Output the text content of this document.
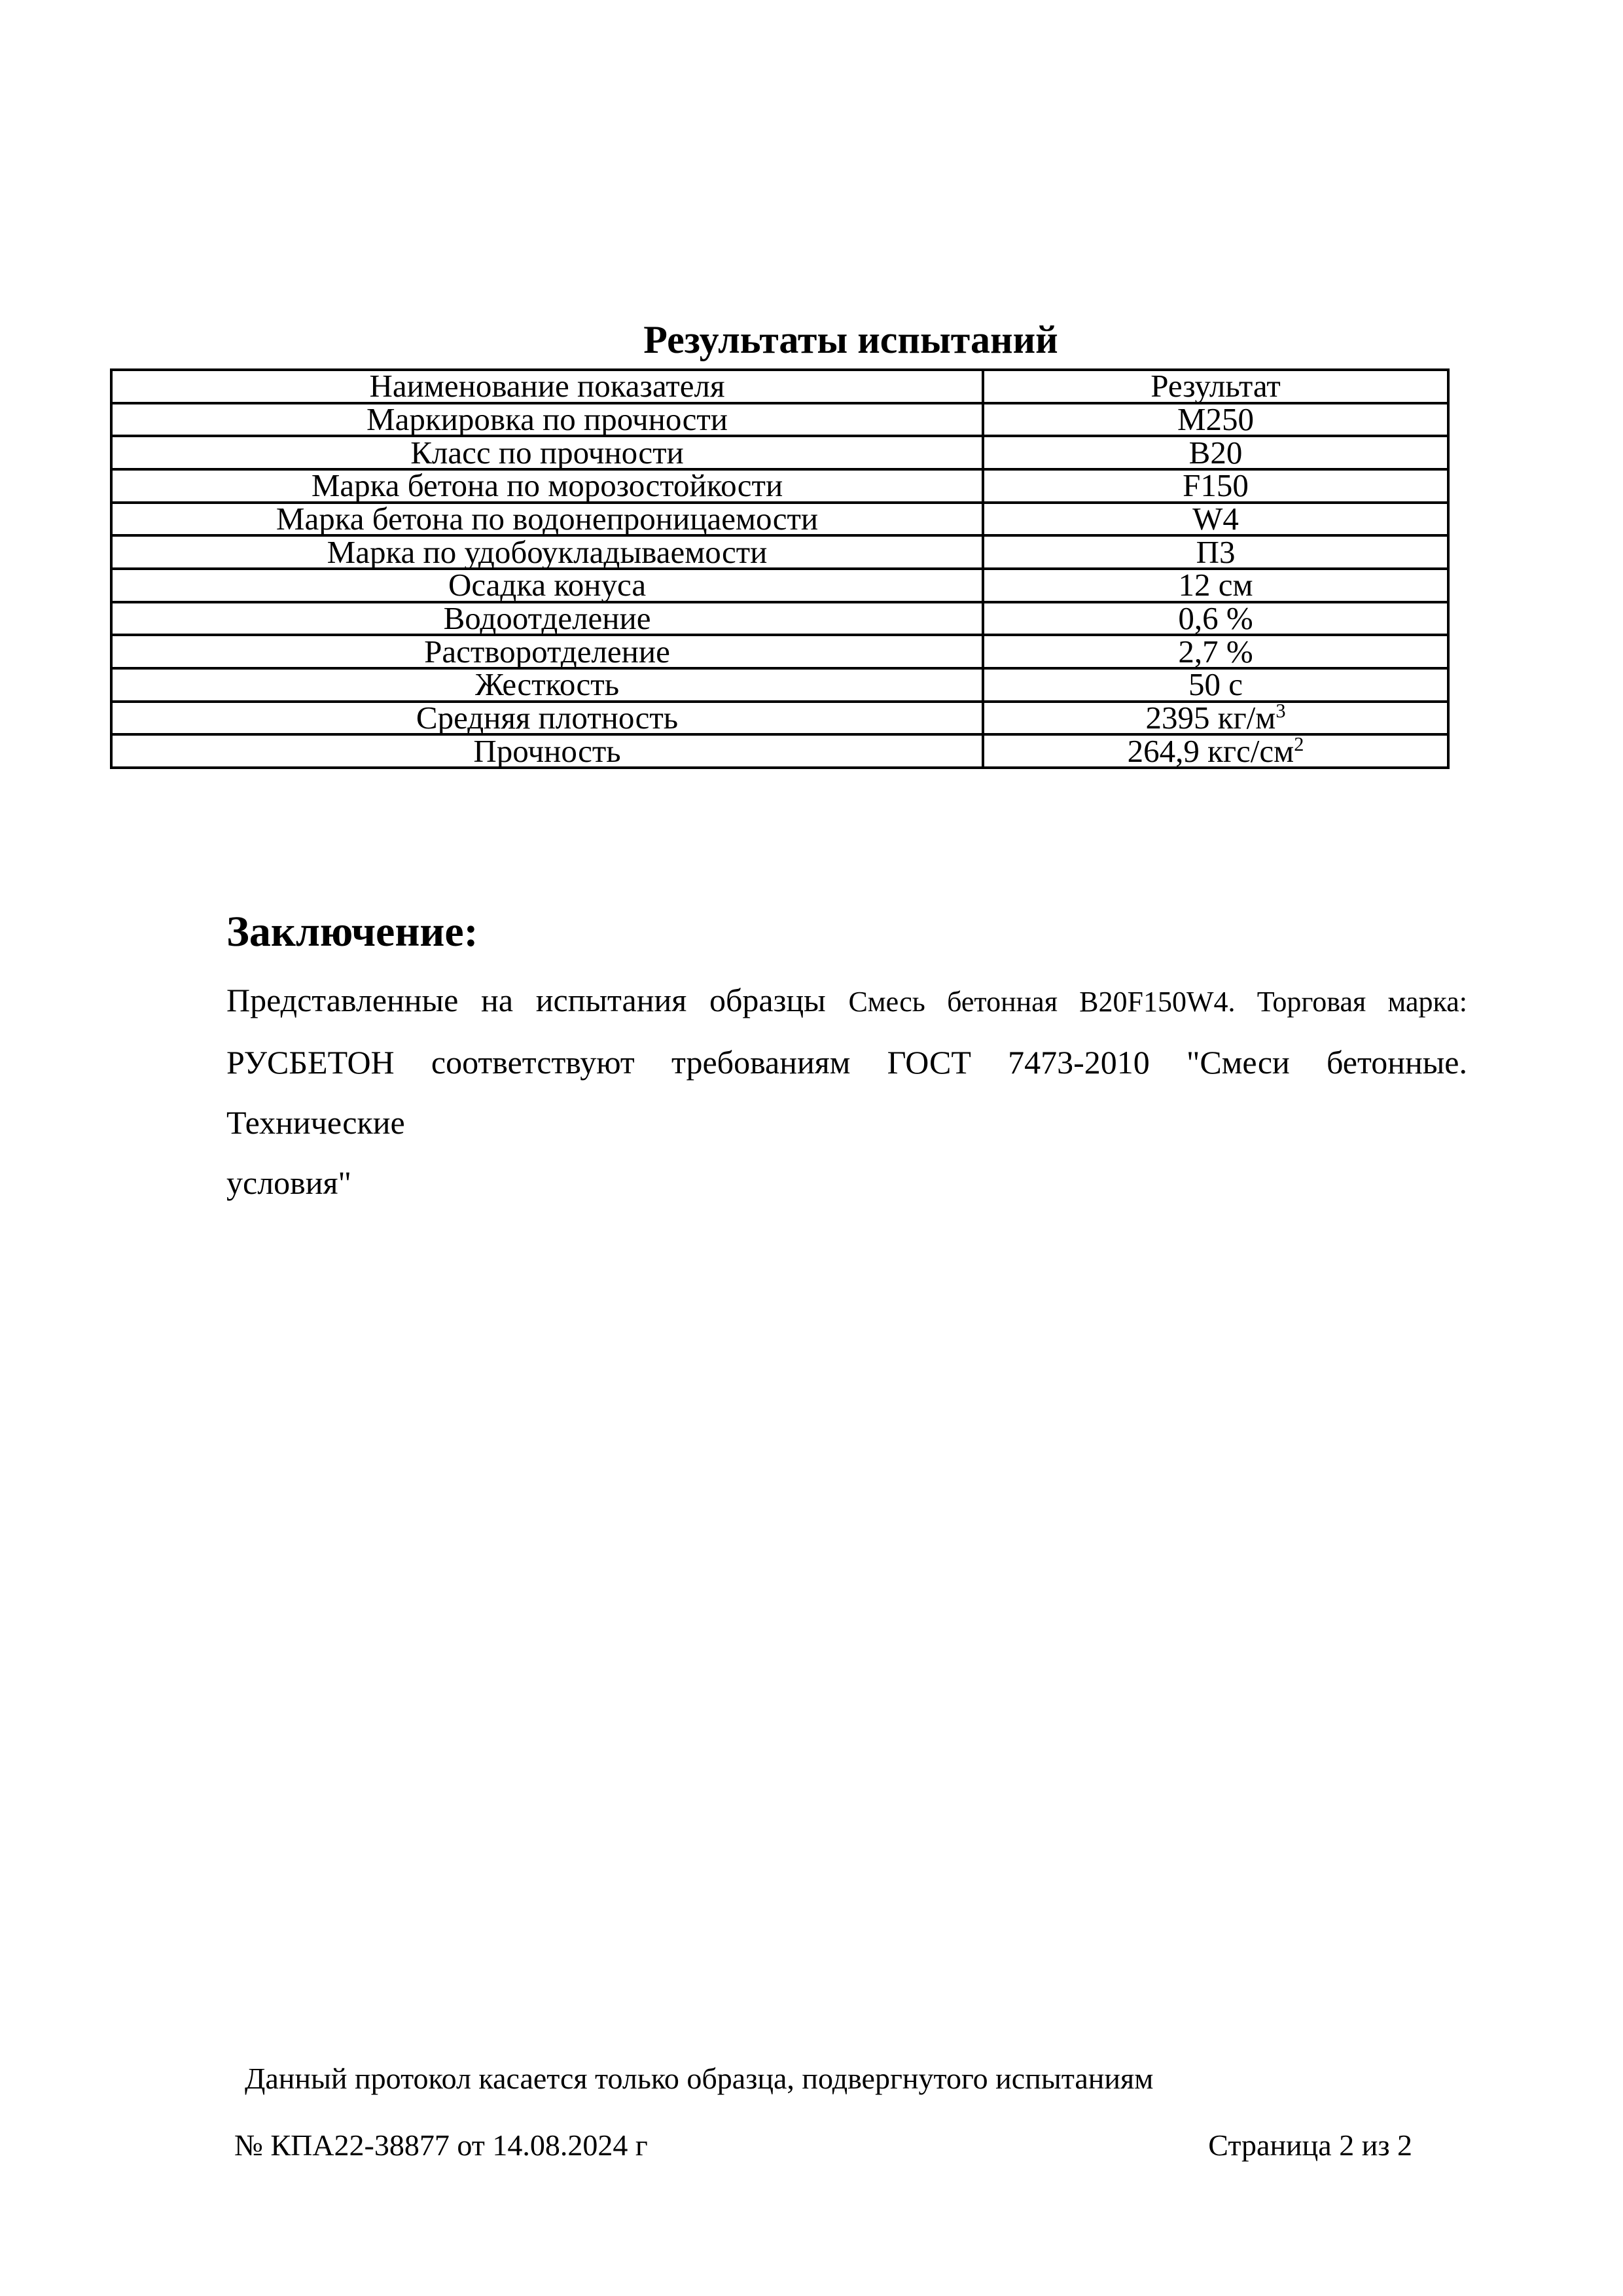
Результаты испытаний
Наименование показателя	Результат
Маркировка по прочности	М250
Класс по прочности	В20
Марка бетона по морозостойкости	F150
Марка бетона по водонепроницаемости	W4
Марка по удобоукладываемости	П3
Осадка конуса	12 см
Водоотделение	0,6 %
Растворотделение	2,7 %
Жесткость	50 с
Средняя плотность	2395 $кг/м^3$
Прочность	264,9 кгс/$см^2$
Заключение:
Представленные на испытания образцы Смесь бетонная B20F150W4. Торговая марка:
РУСБЕТОН соответствуют требованиям ГОСТ 7473-2010 "Смеси бетонные. Технические
условия"
Данный протокол касается только образца, подвергнутого испытаниям
№ КПА22-38877 от 14.08.2024 г	Страница 2 из 2
